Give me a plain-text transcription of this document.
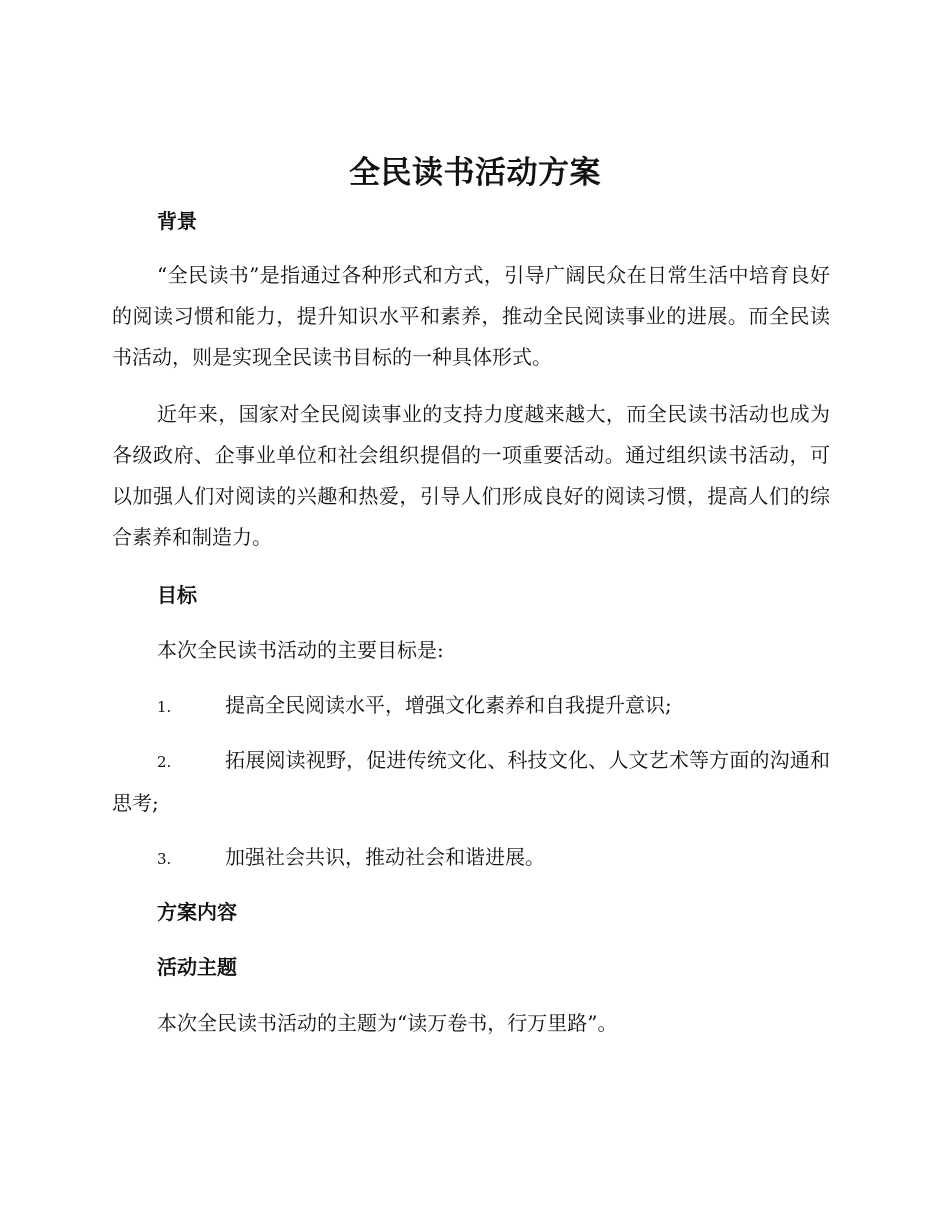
全民读书活动方案
背景
“全民读书”是指通过各种形式和方式，引导广阔民众在日常生活中培育良好的阅读习惯和能力，提升知识水平和素养，推动全民阅读事业的进展。而全民读书活动，则是实现全民读书目标的一种具体形式。
近年来，国家对全民阅读事业的支持力度越来越大，而全民读书活动也成为各级政府、企事业单位和社会组织提倡的一项重要活动。通过组织读书活动，可以加强人们对阅读的兴趣和热爱，引导人们形成良好的阅读习惯，提高人们的综合素养和制造力。
目标
本次全民读书活动的主要目标是:
1.	提高全民阅读水平，增强文化素养和自我提升意识;
2.	拓展阅读视野，促进传统文化、科技文化、人文艺术等方面的沟通和思考;
3.	加强社会共识，推动社会和谐进展。
方案内容
活动主题
本次全民读书活动的主题为“读万卷书，行万里路”。
